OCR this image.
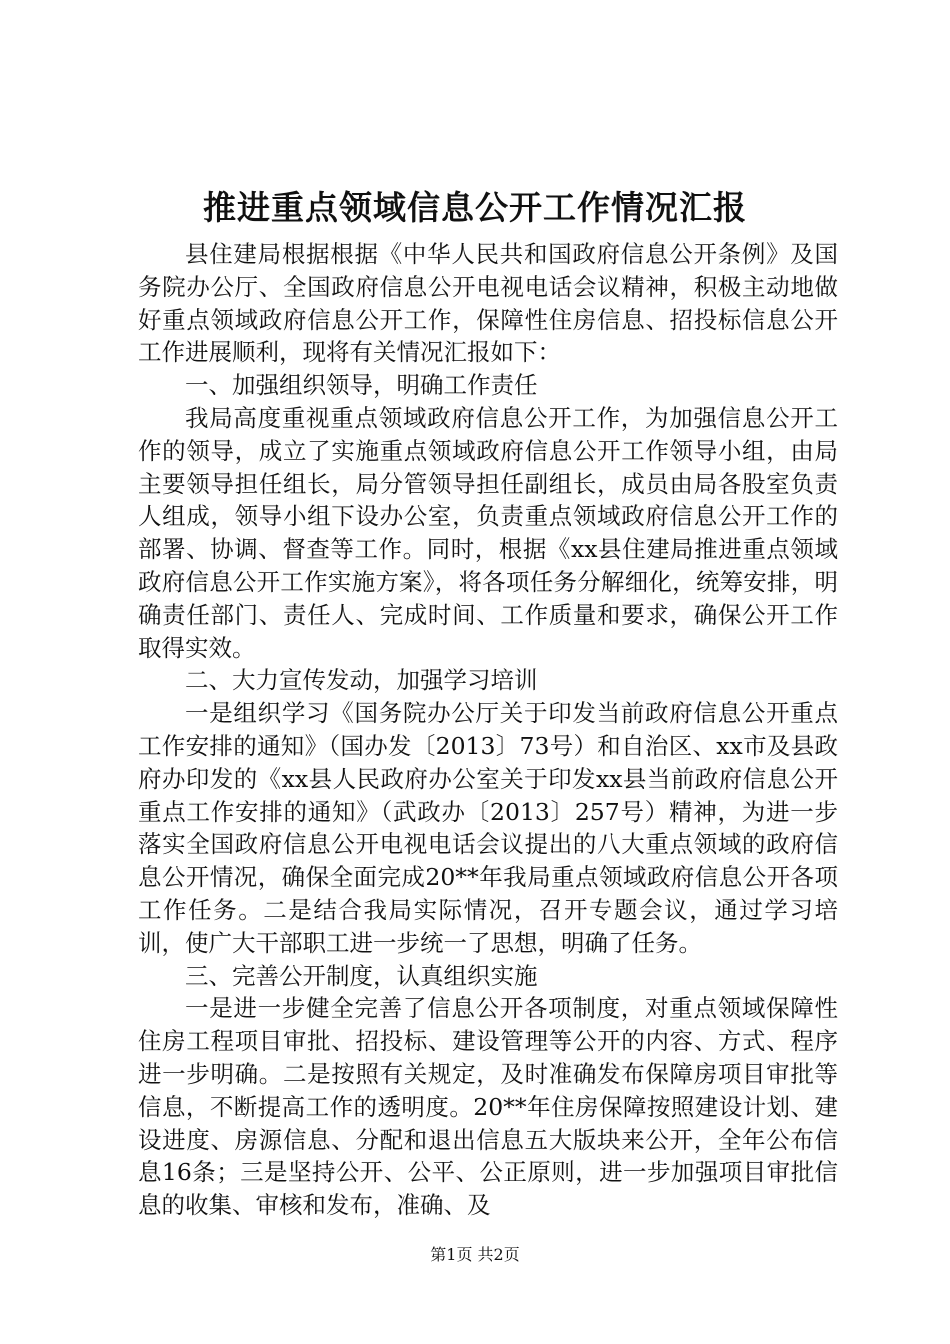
推进重点领域信息公开工作情况汇报

县住建局根据根据《中华人民共和国政府信息公开条例》及国务院办公厅、全国政府信息公开电视电话会议精神，积极主动地做好重点领域政府信息公开工作，保障性住房信息、招投标信息公开工作进展顺利，现将有关情况汇报如下：

一、加强组织领导，明确工作责任

我局高度重视重点领域政府信息公开工作，为加强信息公开工作的领导，成立了实施重点领域政府信息公开工作领导小组，由局主要领导担任组长，局分管领导担任副组长，成员由局各股室负责人组成，领导小组下设办公室，负责重点领域政府信息公开工作的部署、协调、督查等工作。同时，根据《xx县住建局推进重点领域政府信息公开工作实施方案》，将各项任务分解细化，统筹安排，明确责任部门、责任人、完成时间、工作质量和要求，确保公开工作取得实效。

二、大力宣传发动，加强学习培训

一是组织学习《国务院办公厅关于印发当前政府信息公开重点工作安排的通知》（国办发〔2013〕73号）和自治区、xx市及县政府办印发的《xx县人民政府办公室关于印发xx县当前政府信息公开重点工作安排的通知》（武政办〔2013〕257号）精神，为进一步落实全国政府信息公开电视电话会议提出的八大重点领域的政府信息公开情况，确保全面完成20**年我局重点领域政府信息公开各项工作任务。二是结合我局实际情况，召开专题会议，通过学习培训，使广大干部职工进一步统一了思想，明确了任务。

三、完善公开制度，认真组织实施

一是进一步健全完善了信息公开各项制度，对重点领域保障性住房工程项目审批、招投标、建设管理等公开的内容、方式、程序进一步明确。二是按照有关规定，及时准确发布保障房项目审批等信息，不断提高工作的透明度。20**年住房保障按照建设计划、建设进度、房源信息、分配和退出信息五大版块来公开，全年公布信息16条；三是坚持公开、公平、公正原则，进一步加强项目审批信息的收集、审核和发布，准确、及

第1页 共2页
